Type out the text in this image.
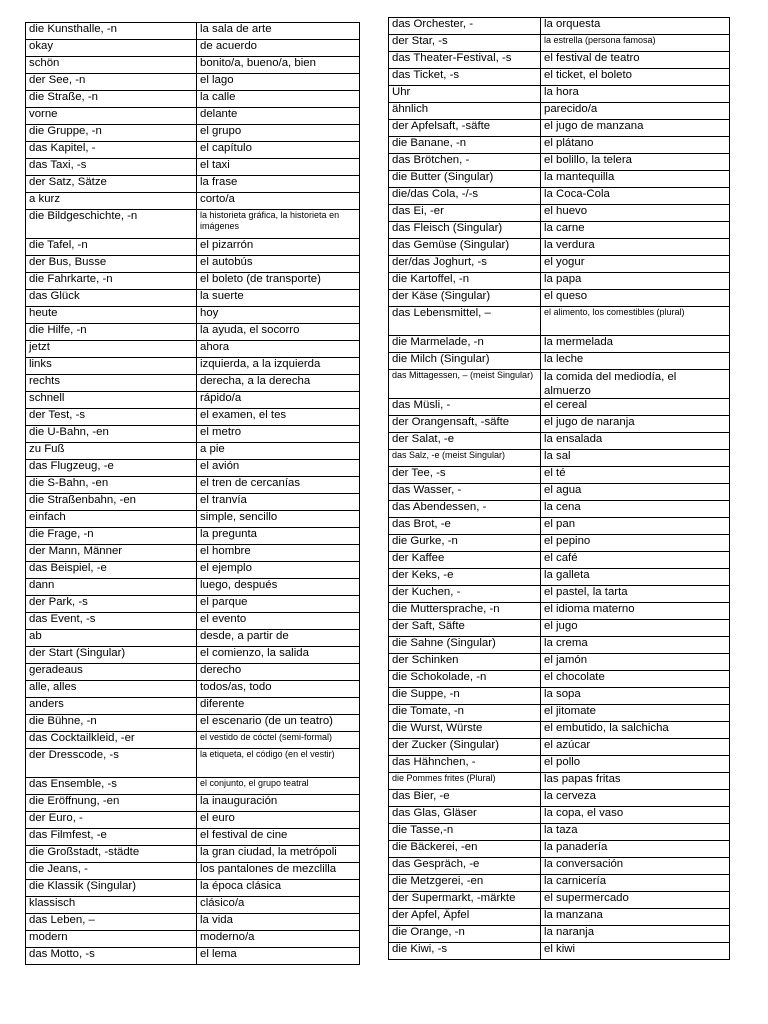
die Kunsthalle, -n	la sala de arte
okay	de acuerdo
schön	bonito/a, bueno/a, bien
der See, -n	el lago
die Straße, -n	la calle
vorne	delante
die Gruppe, -n	el grupo
das Kapitel, -	el capítulo
das Taxi, -s	el taxi
der Satz, Sätze	la frase
a kurz	corto/a
die Bildgeschichte, -n	la historieta gráfica, la historieta en imágenes
die Tafel, -n	el pizarrón
der Bus, Busse	el autobús
die Fahrkarte, -n	el boleto (de transporte)
das Glück	la suerte
heute	hoy
die Hilfe, -n	la ayuda, el socorro
jetzt	ahora
links	izquierda, a la izquierda
rechts	derecha, a la derecha
schnell	rápido/a
der Test, -s	el examen, el tes
die U-Bahn, -en	el metro
zu Fuß	a pie
das Flugzeug, -e	el avión
die S-Bahn, -en	el tren de cercanías
die Straßenbahn, -en	el tranvía
einfach	simple, sencillo
die Frage, -n	la pregunta
der Mann, Männer	el hombre
das Beispiel, -e	el ejemplo
dann	luego, después
der Park, -s	el parque
das Event, -s	el evento
ab	desde, a partir de
der Start (Singular)	el comienzo, la salida
geradeaus	derecho
alle, alles	todos/as, todo
anders	diferente
die Bühne, -n	el escenario (de un teatro)
das Cocktailkleid, -er	el vestido de cóctel (semi-formal)
der Dresscode, -s	la etiqueta, el código (en el vestir)
das Ensemble, -s	el conjunto, el grupo teatral
die Eröffnung, -en	la inauguración
der Euro, -	el euro
das Filmfest, -e	el festival de cine
die Großstadt, -städte	la gran ciudad, la metrópoli
die Jeans, -	los pantalones de mezclilla
die Klassik (Singular)	la época clásica
klassisch	clásico/a
das Leben, –	la vida
modern	moderno/a
das Motto, -s	el lema
das Orchester, -	la orquesta
der Star, -s	la estrella (persona famosa)
das Theater-Festival, -s	el festival de teatro
das Ticket, -s	el ticket, el boleto
Uhr	la hora
ähnlich	parecido/a
der Apfelsaft, -säfte	el jugo de manzana
die Banane, -n	el plátano
das Brötchen, -	el bolillo, la telera
die Butter (Singular)	la mantequilla
die/das Cola, -/-s	la Coca-Cola
das Ei, -er	el huevo
das Fleisch (Singular)	la carne
das Gemüse (Singular)	la verdura
der/das Joghurt, -s	el yogur
die Kartoffel, -n	la papa
der Käse (Singular)	el queso
das Lebensmittel, –	el alimento, los comestibles (plural)
die Marmelade, -n	la mermelada
die Milch (Singular)	la leche
das Mittagessen, – (meist Singular)	la comida del mediodía, el almuerzo
das Müsli, -	el cereal
der Orangensaft, -säfte	el jugo de naranja
der Salat, -e	la ensalada
das Salz, -e (meist Singular)	la sal
der Tee, -s	el té
das Wasser, -	el agua
das Abendessen, -	la cena
das Brot, -e	el pan
die Gurke, -n	el pepino
der Kaffee	el café
der Keks, -e	la galleta
der Kuchen, -	el pastel, la tarta
die Muttersprache, -n	el idioma materno
der Saft, Säfte	el jugo
die Sahne (Singular)	la crema
der Schinken	el jamón
die Schokolade, -n	el chocolate
die Suppe, -n	la sopa
die Tomate, -n	el jitomate
die Wurst, Würste	el embutido, la salchicha
der Zucker (Singular)	el azúcar
das Hähnchen, -	el pollo
die Pommes frites (Plural)	las papas fritas
das Bier, -e	la cerveza
das Glas, Gläser	la copa, el vaso
die Tasse,-n	la taza
die Bäckerei, -en	la panadería
das Gespräch, -e	la conversación
die Metzgerei, -en	la carnicería
der Supermarkt, -märkte	el supermercado
der Apfel, Äpfel	la manzana
die Orange, -n	la naranja
die Kiwi, -s	el kiwi
